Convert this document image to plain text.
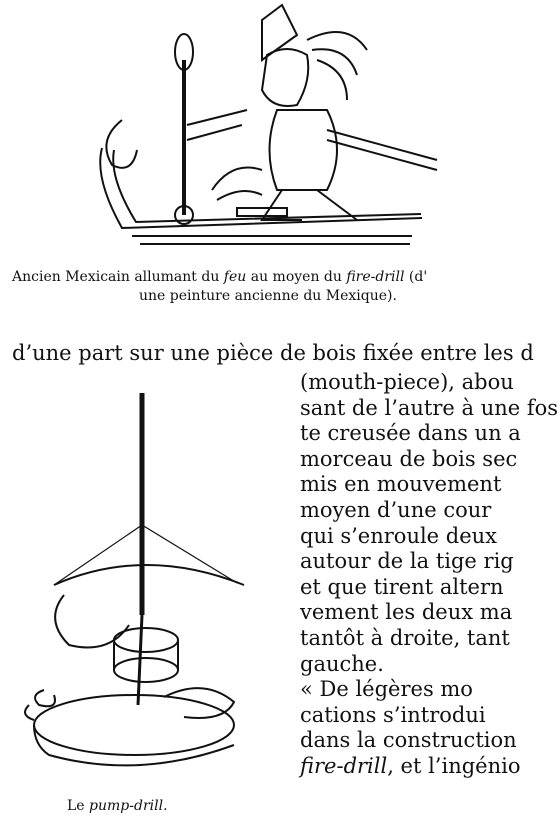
Ancien Mexicain allumant du feu au moyen du fire-drill (d'
une peinture ancienne du Mexique).
d’une part sur une pièce de bois fixée entre les d
Le pump-drill.
(mouth-piece), abou
sant de l’autre à une fos
te creusée dans un a
morceau de bois sec
mis en mouvement
moyen d’une cour
qui s’enroule deux
autour de la tige rig
et que tirent altern
vement les deux ma
tantôt à droite, tant
gauche.
« De légères mo
cations s’introdui
dans la construction
fire-drill, et l’ingénio
